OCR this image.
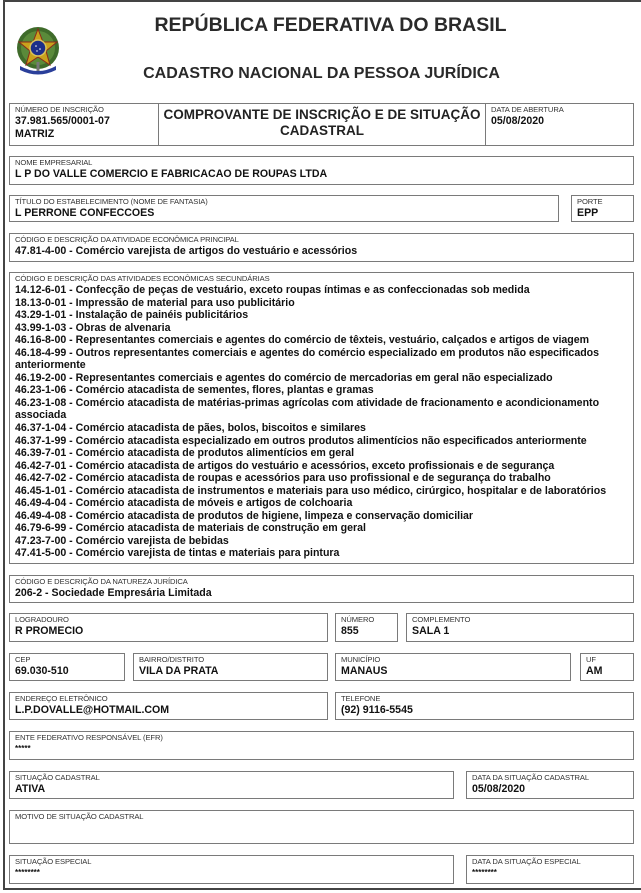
REPÚBLICA FEDERATIVA DO BRASIL
CADASTRO NACIONAL DA PESSOA JURÍDICA
NÚMERO DE INSCRIÇÃO
37.981.565/0001-07
MATRIZ
COMPROVANTE DE INSCRIÇÃO E DE SITUAÇÃO
CADASTRAL
DATA DE ABERTURA
05/08/2020
NOME EMPRESARIAL
L P DO VALLE COMERCIO E FABRICACAO DE ROUPAS LTDA
TÍTULO DO ESTABELECIMENTO (NOME DE FANTASIA)
L PERRONE CONFECCOES
PORTE
EPP
CÓDIGO E DESCRIÇÃO DA ATIVIDADE ECONÔMICA PRINCIPAL
47.81-4-00 - Comércio varejista de artigos do vestuário e acessórios
CÓDIGO E DESCRIÇÃO DAS ATIVIDADES ECONÔMICAS SECUNDÁRIAS
14.12-6-01 - Confecção de peças de vestuário, exceto roupas íntimas e as confeccionadas sob medida
18.13-0-01 - Impressão de material para uso publicitário
43.29-1-01 - Instalação de painéis publicitários
43.99-1-03 - Obras de alvenaria
46.16-8-00 - Representantes comerciais e agentes do comércio de têxteis, vestuário, calçados e artigos de viagem
46.18-4-99 - Outros representantes comerciais e agentes do comércio especializado em produtos não especificados
anteriormente
46.19-2-00 - Representantes comerciais e agentes do comércio de mercadorias em geral não especializado
46.23-1-06 - Comércio atacadista de sementes, flores, plantas e gramas
46.23-1-08 - Comércio atacadista de matérias-primas agrícolas com atividade de fracionamento e acondicionamento
associada
46.37-1-04 - Comércio atacadista de pães, bolos, biscoitos e similares
46.37-1-99 - Comércio atacadista especializado em outros produtos alimentícios não especificados anteriormente
46.39-7-01 - Comércio atacadista de produtos alimentícios em geral
46.42-7-01 - Comércio atacadista de artigos do vestuário e acessórios, exceto profissionais e de segurança
46.42-7-02 - Comércio atacadista de roupas e acessórios para uso profissional e de segurança do trabalho
46.45-1-01 - Comércio atacadista de instrumentos e materiais para uso médico, cirúrgico, hospitalar e de laboratórios
46.49-4-04 - Comércio atacadista de móveis e artigos de colchoaria
46.49-4-08 - Comércio atacadista de produtos de higiene, limpeza e conservação domiciliar
46.79-6-99 - Comércio atacadista de materiais de construção em geral
47.23-7-00 - Comércio varejista de bebidas
47.41-5-00 - Comércio varejista de tintas e materiais para pintura
CÓDIGO E DESCRIÇÃO DA NATUREZA JURÍDICA
206-2 - Sociedade Empresária Limitada
LOGRADOURO
R PROMECIO
NÚMERO
855
COMPLEMENTO
SALA 1
CEP
69.030-510
BAIRRO/DISTRITO
VILA DA PRATA
MUNICÍPIO
MANAUS
UF
AM
ENDEREÇO ELETRÔNICO
L.P.DOVALLE@HOTMAIL.COM
TELEFONE
(92) 9116-5545
ENTE FEDERATIVO RESPONSÁVEL (EFR)
*****
SITUAÇÃO CADASTRAL
ATIVA
DATA DA SITUAÇÃO CADASTRAL
05/08/2020
MOTIVO DE SITUAÇÃO CADASTRAL
SITUAÇÃO ESPECIAL
********
DATA DA SITUAÇÃO ESPECIAL
********
